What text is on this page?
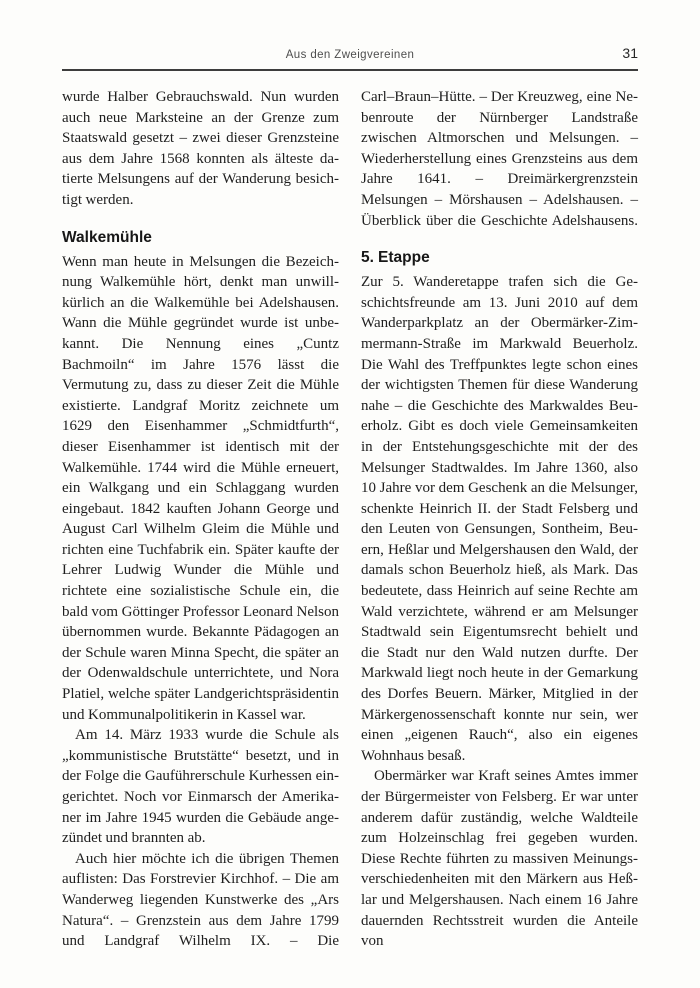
Aus den Zweigvereinen	31

wurde Halber Gebrauchswald. Nun wurden auch neue Marksteine an der Grenze zum Staatswald gesetzt – zwei dieser Grenzsteine aus dem Jahre 1568 konnten als älteste datierte Melsungens auf der Wanderung besichtigt werden.

Walkemühle

Wenn man heute in Melsungen die Bezeichnung Walkemühle hört, denkt man unwillkürlich an die Walkemühle bei Adelshausen. Wann die Mühle gegründet wurde ist unbekannt. Die Nennung eines „Cuntz Bachmoiln“ im Jahre 1576 lässt die Vermutung zu, dass zu dieser Zeit die Mühle existierte. Landgraf Moritz zeichnete um 1629 den Eisenhammer „Schmidtfurth“, dieser Eisenhammer ist identisch mit der Walkemühle. 1744 wird die Mühle erneuert, ein Walkgang und ein Schlaggang wurden eingebaut. 1842 kauften Johann George und August Carl Wilhelm Gleim die Mühle und richten eine Tuchfabrik ein. Später kaufte der Lehrer Ludwig Wunder die Mühle und richtete eine sozialistische Schule ein, die bald vom Göttinger Professor Leonard Nelson übernommen wurde. Bekannte Pädagogen an der Schule waren Minna Specht, die später an der Odenwaldschule unterrichtete, und Nora Platiel, welche später Landgerichtspräsidentin und Kommunalpolitikerin in Kassel war.

Am 14. März 1933 wurde die Schule als „kommunistische Brutstätte“ besetzt, und in der Folge die Gauführerschule Kurhessen eingerichtet. Noch vor Einmarsch der Amerikaner im Jahre 1945 wurden die Gebäude angezündet und brannten ab.

Auch hier möchte ich die übrigen Themen auflisten: Das Forstrevier Kirchhof. – Die am Wanderweg liegenden Kunstwerke des „Ars Natura“. – Grenzstein aus dem Jahre 1799 und Landgraf Wilhelm IX. – Die

Carl–Braun–Hütte. – Der Kreuzweg, eine Nebenroute der Nürnberger Landstraße zwischen Altmorschen und Melsungen. – Wiederherstellung eines Grenzsteins aus dem Jahre 1641. – Dreimärkergrenzstein Melsungen – Mörshausen – Adelshausen. – Überblick über die Geschichte Adelshausens.

5. Etappe

Zur 5. Wanderetappe trafen sich die Geschichtsfreunde am 13. Juni 2010 auf dem Wanderparkplatz an der Obermärker-Zimmermann-Straße im Markwald Beuerholz. Die Wahl des Treffpunktes legte schon eines der wichtigsten Themen für diese Wanderung nahe – die Geschichte des Markwaldes Beuerholz. Gibt es doch viele Gemeinsamkeiten in der Entstehungsgeschichte mit der des Melsunger Stadtwaldes. Im Jahre 1360, also 10 Jahre vor dem Geschenk an die Melsunger, schenkte Heinrich II. der Stadt Felsberg und den Leuten von Gensungen, Sontheim, Beuern, Heßlar und Melgershausen den Wald, der damals schon Beuerholz hieß, als Mark. Das bedeutete, dass Heinrich auf seine Rechte am Wald verzichtete, während er am Melsunger Stadtwald sein Eigentumsrecht behielt und die Stadt nur den Wald nutzen durfte. Der Markwald liegt noch heute in der Gemarkung des Dorfes Beuern. Märker, Mitglied in der Märkergenossenschaft konnte nur sein, wer einen „eigenen Rauch“, also ein eigenes Wohnhaus besaß.

Obermärker war Kraft seines Amtes immer der Bürgermeister von Felsberg. Er war unter anderem dafür zuständig, welche Waldteile zum Holzeinschlag frei gegeben wurden. Diese Rechte führten zu massiven Meinungsverschiedenheiten mit den Märkern aus Heßlar und Melgershausen. Nach einem 16 Jahre dauernden Rechtsstreit wurden die Anteile von
